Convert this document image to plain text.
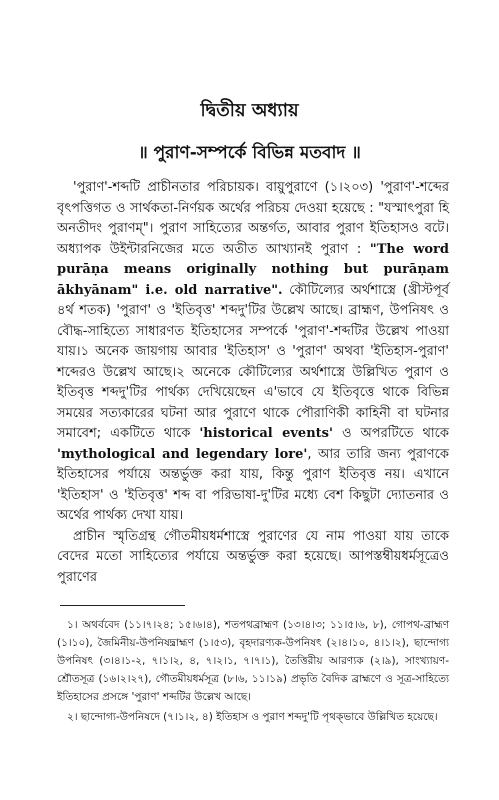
দ্বিতীয় অধ্যায়
॥ পুরাণ-সম্পর্কে বিভিন্ন মতবাদ ॥

'পুরাণ'-শব্দটি প্রাচীনতার পরিচায়ক। বায়ুপুরাণে (১।২০৩) 'পুরাণ'-শব্দের বৃৎপত্তিগত ও সার্থকতা-নির্ণয়ক অর্থের পরিচয় দেওয়া হয়েছে : "যস্মাৎপুরা হি অনতীদং পুরাণম্"। পুরাণ সাহিত্যের অন্তর্গত, আবার পুরাণ ইতিহাসও বটে। অধ্যাপক উইন্টারনিজের মতে অতীত আখ্যানই পুরাণ : "The word purāṇa means originally nothing but purāṇam ākhyānam" i.e. old narrative". কৌটিল্যের অর্থশাস্ত্রে (খ্রীস্টপূর্ব ৪র্থ শতক) 'পুরাণ' ও 'ইতিবৃত্ত' শব্দদু'টির উল্লেখ আছে। ব্রাহ্মণ, উপনিষৎ ও বৌদ্ধ-সাহিত্যে সাধারণত ইতিহাসের সম্পর্কে 'পুরাণ'-শব্দটির উল্লেখ পাওয়া যায়।১ অনেক জায়গায় আবার 'ইতিহাস' ও 'পুরাণ' অথবা 'ইতিহাস-পুরাণ' শব্দেরও উল্লেখ আছে।২ অনেকে কৌটিল্যের অর্থশাস্ত্রে উল্লিখিত পুরাণ ও ইতিবৃত্ত শব্দদু'টির পার্থক্য দেখিয়েছেন এ'ভাবে যে ইতিবৃত্তে থাকে বিভিন্ন সময়ের সত্যকারের ঘটনা আর পুরাণে থাকে পৌরাণিকী কাহিনী বা ঘটনার সমাবেশ; একটিতে থাকে 'historical events' ও অপরটিতে থাকে 'mythological and legendary lore', আর তারি জন্য পুরাণকে ইতিহাসের পর্যায়ে অন্তর্ভুক্ত করা যায়, কিন্তু পুরাণ ইতিবৃত্ত নয়। এখানে 'ইতিহাস' ও 'ইতিবৃত্ত' শব্দ বা পরিভাষা-দু'টির মধ্যে বেশ কিছুটা দ্যোতনার ও অর্থের পার্থক্য দেখা যায়।

প্রাচীন স্মৃতিগ্রন্থ গৌতমীয়ধর্মশাস্ত্রে পুরাণের যে নাম পাওয়া যায় তাকে বেদের মতো সাহিত্যের পর্যায়ে অন্তর্ভুক্ত করা হয়েছে। আপস্তম্বীয়ধর্মসূত্রেও পুরাণের

১। অথর্ববেদ (১১।৭।২৪; ১৫।৬।৪), শতপথব্রাহ্মণ (১৩।৪।৩; ১১।৫।৬, ৮), গোপথ-ব্রাহ্মণ (১।১০), জৈমিনীয়-উপনিষদ্ব্রাহ্মণ (১।৫৩), বৃহদারণ্যক-উপনিষৎ (২।৪।১০, ৪।১।২), ছান্দোগ্য উপনিষৎ (৩।৪।১-২, ৭।১।২, ৪, ৭।২।১, ৭।৭।১), তৈত্তিরীয় আরণ্যক (২।৯), সাংখ্যায়ণ-শ্রৌতসূত্র (১৬।২।২৭), গৌতমীয়ধর্মসূত্র (৮।৬, ১১।১৯) প্রভৃতি বৈদিক ব্রাহ্মণে ও সূত্র-সাহিত্যে ইতিহাসের প্রসঙ্গে 'পুরাণ' শব্দটির উল্লেখ আছে।

২। ছান্দোগ্য-উপনিষদে (৭।১।২, ৪) ইতিহাস ও পুরাণ শব্দদু'টি পৃথক্‌ভাবে উল্লিখিত হয়েছে।
